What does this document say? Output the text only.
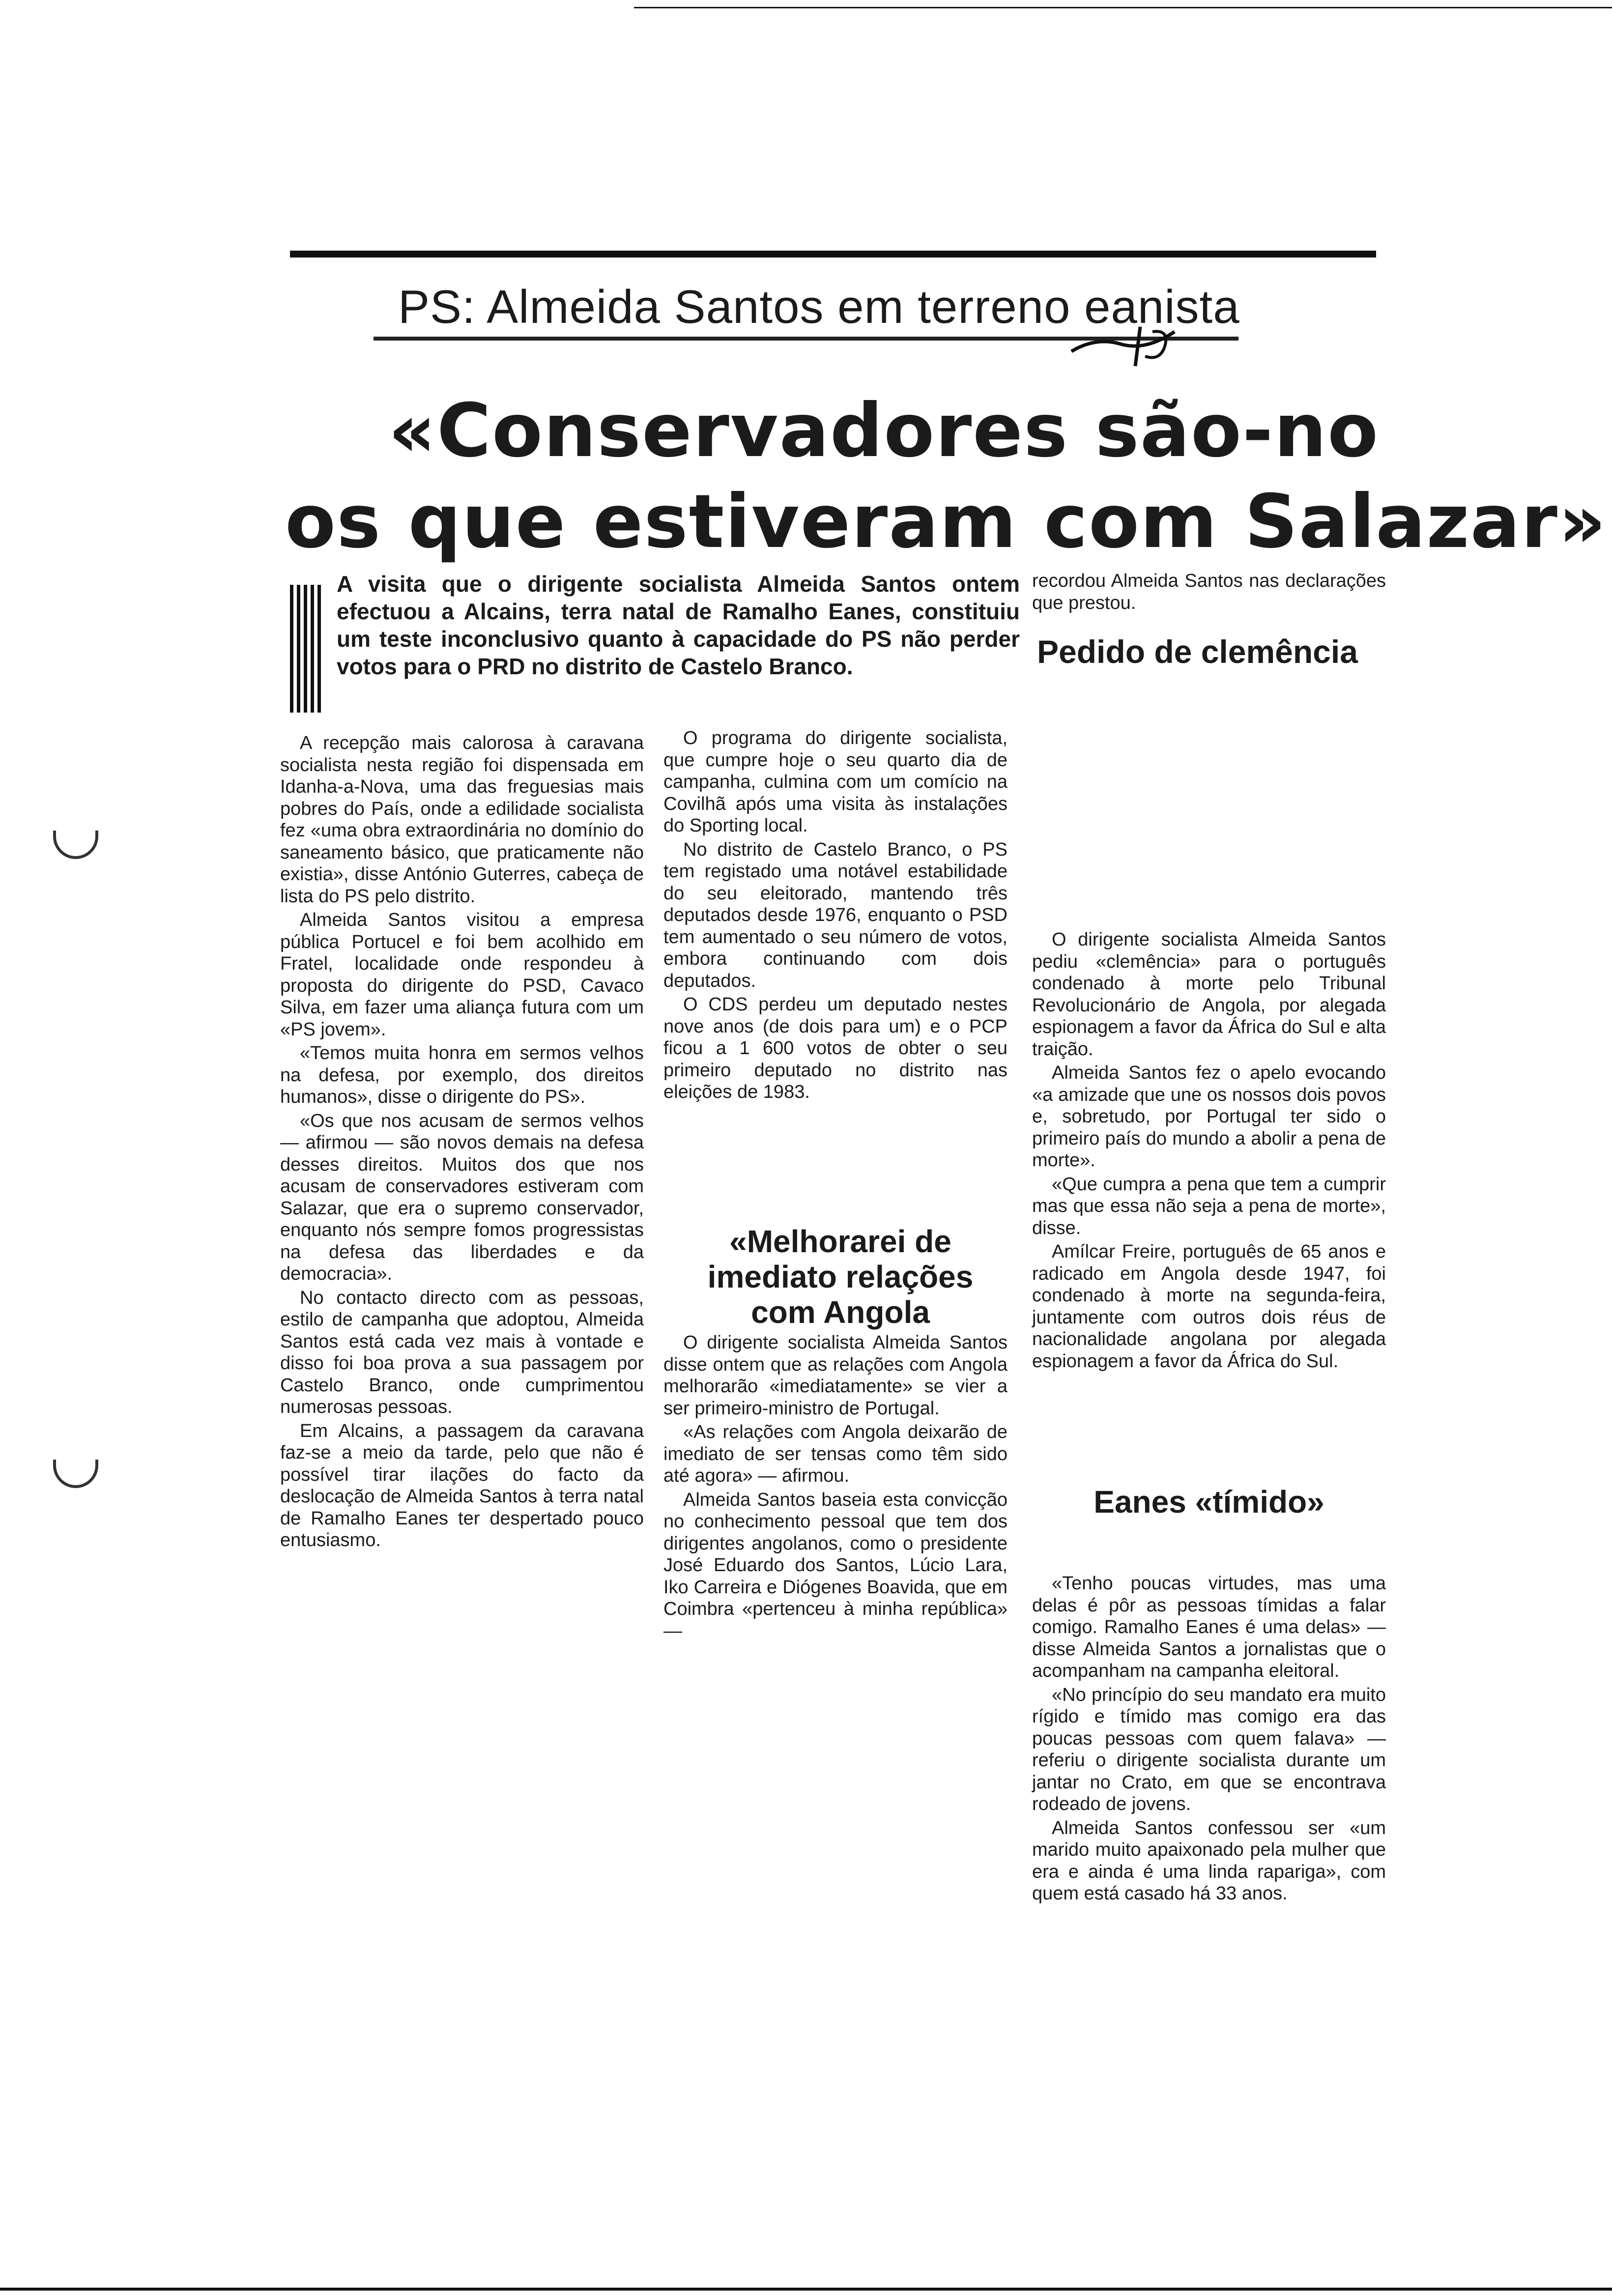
PS: Almeida Santos em terreno eanista
«Conservadores são-no
os que estiveram com Salazar»
A visita que o dirigente socialista Almeida Santos ontem efectuou a Alcains, terra natal de Ramalho Eanes, constituiu um teste inconclusivo quanto à capacidade do PS não perder votos para o PRD no distrito de Castelo Branco.

A recepção mais calorosa à caravana socialista nesta região foi dispensada em Idanha-a-Nova, uma das freguesias mais pobres do País, onde a edilidade socialista fez «uma obra extraordinária no domínio do saneamento básico, que praticamente não existia», disse António Guterres, cabeça de lista do PS pelo distrito.

Almeida Santos visitou a empresa pública Portucel e foi bem acolhido em Fratel, localidade onde respondeu à proposta do dirigente do PSD, Cavaco Silva, em fazer uma aliança futura com um «PS jovem».

«Temos muita honra em sermos velhos na defesa, por exemplo, dos direitos humanos», disse o dirigente do PS».

«Os que nos acusam de sermos velhos — afirmou — são novos demais na defesa desses direitos. Muitos dos que nos acusam de conservadores estiveram com Salazar, que era o supremo conservador, enquanto nós sempre fomos progressistas na defesa das liberdades e da democracia».

No contacto directo com as pessoas, estilo de campanha que adoptou, Almeida Santos está cada vez mais à vontade e disso foi boa prova a sua passagem por Castelo Branco, onde cumprimentou numerosas pessoas.

Em Alcains, a passagem da caravana faz-se a meio da tarde, pelo que não é possível tirar ilações do facto da deslocação de Almeida Santos à terra natal de Ramalho Eanes ter despertado pouco entusiasmo.

O programa do dirigente socialista, que cumpre hoje o seu quarto dia de campanha, culmina com um comício na Covilhã após uma visita às instalações do Sporting local.

No distrito de Castelo Branco, o PS tem registado uma notável estabilidade do seu eleitorado, mantendo três deputados desde 1976, enquanto o PSD tem aumentado o seu número de votos, embora continuando com dois deputados.

O CDS perdeu um deputado nestes nove anos (de dois para um) e o PCP ficou a 1 600 votos de obter o seu primeiro deputado no distrito nas eleições de 1983.

«Melhorarei de imediato relações com Angola

O dirigente socialista Almeida Santos disse ontem que as relações com Angola melhorarão «imediatamente» se vier a ser primeiro-ministro de Portugal.

«As relações com Angola deixarão de imediato de ser tensas como têm sido até agora» — afirmou.

Almeida Santos baseia esta convicção no conhecimento pessoal que tem dos dirigentes angolanos, como o presidente José Eduardo dos Santos, Lúcio Lara, Iko Carreira e Diógenes Boavida, que em Coimbra «pertenceu à minha república» —

recordou Almeida Santos nas declarações que prestou.

Pedido de clemência

O dirigente socialista Almeida Santos pediu «clemência» para o português condenado à morte pelo Tribunal Revolucionário de Angola, por alegada espionagem a favor da África do Sul e alta traição.

Almeida Santos fez o apelo evocando «a amizade que une os nossos dois povos e, sobretudo, por Portugal ter sido o primeiro país do mundo a abolir a pena de morte».

«Que cumpra a pena que tem a cumprir mas que essa não seja a pena de morte», disse.

Amílcar Freire, português de 65 anos e radicado em Angola desde 1947, foi condenado à morte na segunda-feira, juntamente com outros dois réus de nacionalidade angolana por alegada espionagem a favor da África do Sul.

Eanes «tímido»

«Tenho poucas virtudes, mas uma delas é pôr as pessoas tímidas a falar comigo. Ramalho Eanes é uma delas» — disse Almeida Santos a jornalistas que o acompanham na campanha eleitoral.

«No princípio do seu mandato era muito rígido e tímido mas comigo era das poucas pessoas com quem falava» — referiu o dirigente socialista durante um jantar no Crato, em que se encontrava rodeado de jovens.

Almeida Santos confessou ser «um marido muito apaixonado pela mulher que era e ainda é uma linda rapariga», com quem está casado há 33 anos.
